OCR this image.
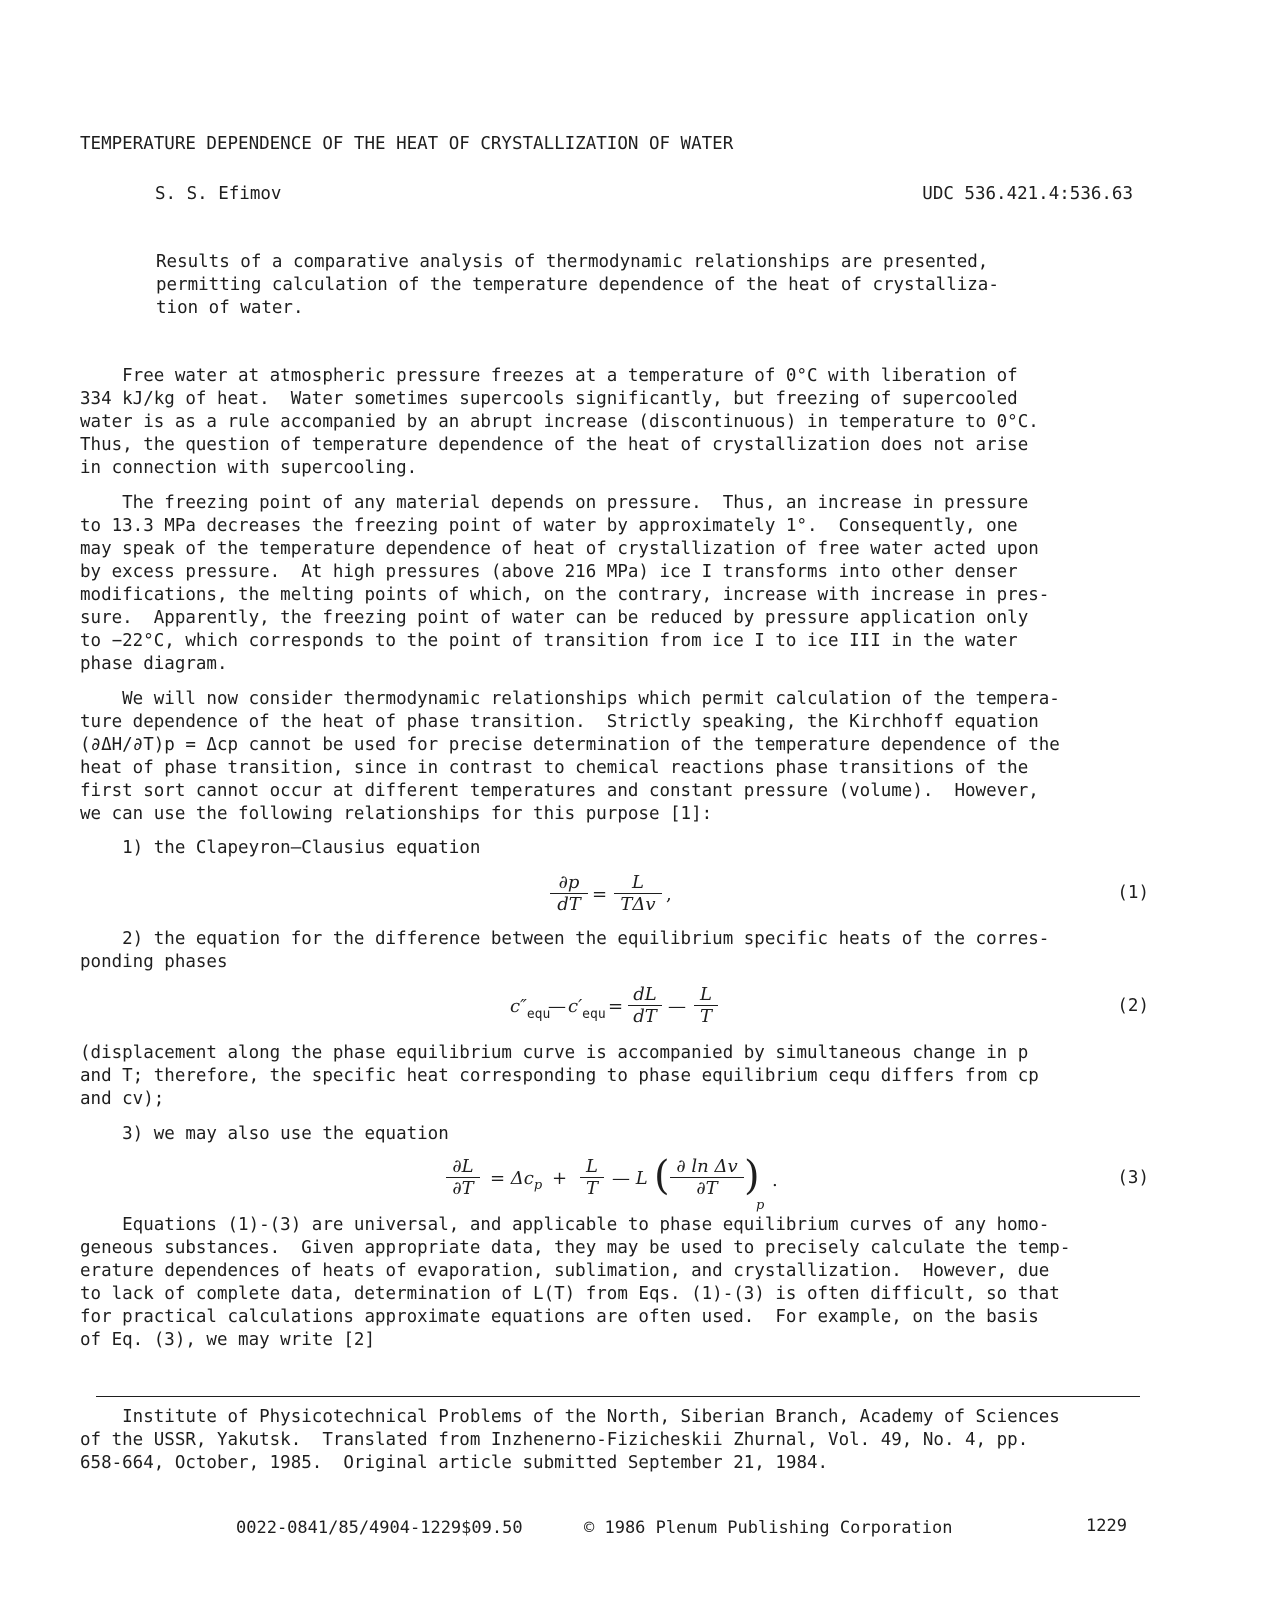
TEMPERATURE DEPENDENCE OF THE HEAT OF CRYSTALLIZATION OF WATER
S. S. Efimov	UDC 536.421.4:536.63
Results of a comparative analysis of thermodynamic relationships are presented,
permitting calculation of the temperature dependence of the heat of crystalliza-
tion of water.
Free water at atmospheric pressure freezes at a temperature of 0°C with liberation of
334 kJ/kg of heat.  Water sometimes supercools significantly, but freezing of supercooled
water is as a rule accompanied by an abrupt increase (discontinuous) in temperature to 0°C.
Thus, the question of temperature dependence of the heat of crystallization does not arise
in connection with supercooling.
The freezing point of any material depends on pressure.  Thus, an increase in pressure
to 13.3 MPa decreases the freezing point of water by approximately 1°.  Consequently, one
may speak of the temperature dependence of heat of crystallization of free water acted upon
by excess pressure.  At high pressures (above 216 MPa) ice I transforms into other denser
modifications, the melting points of which, on the contrary, increase with increase in pres-
sure.  Apparently, the freezing point of water can be reduced by pressure application only
to −22°C, which corresponds to the point of transition from ice I to ice III in the water
phase diagram.
We will now consider thermodynamic relationships which permit calculation of the tempera-
ture dependence of the heat of phase transition.  Strictly speaking, the Kirchhoff equation
(∂ΔH/∂T)p = Δcp cannot be used for precise determination of the temperature dependence of the
heat of phase transition, since in contrast to chemical reactions phase transitions of the
first sort cannot occur at different temperatures and constant pressure (volume).  However,
we can use the following relationships for this purpose [1]:
1) the Clapeyron—Clausius equation
∂p
dT =
L
TΔv ,	(1)
2) the equation for the difference between the equilibrium specific heats of the corres-
ponding phases
$c''_{equ}$
— $c'_{equ}$ =
dL
dT —
L
T	(2)
(displacement along the phase equilibrium curve is accompanied by simultaneous change in p
and T; therefore, the specific heat corresponding to phase equilibrium cequ differs from cp
and cv);
3) we may also use the equation
∂L
$\partial T = \Delta c_p$ +
L
T — L ( ∂ ln Δv
∂T )
p
.	(3)
Equations (1)-(3) are universal, and applicable to phase equilibrium curves of any homo-
geneous substances.  Given appropriate data, they may be used to precisely calculate the temp-
erature dependences of heats of evaporation, sublimation, and crystallization.  However, due
to lack of complete data, determination of L(T) from Eqs. (1)-(3) is often difficult, so that
for practical calculations approximate equations are often used.  For example, on the basis
of Eq. (3), we may write [2]
Institute of Physicotechnical Problems of the North, Siberian Branch, Academy of Sciences
of the USSR, Yakutsk.  Translated from Inzhenerno-Fizicheskii Zhurnal, Vol. 49, No. 4, pp.
658-664, October, 1985.  Original article submitted September 21, 1984.
0022-0841/85/4904-1229$09.50	© 1986 Plenum Publishing Corporation	1229
